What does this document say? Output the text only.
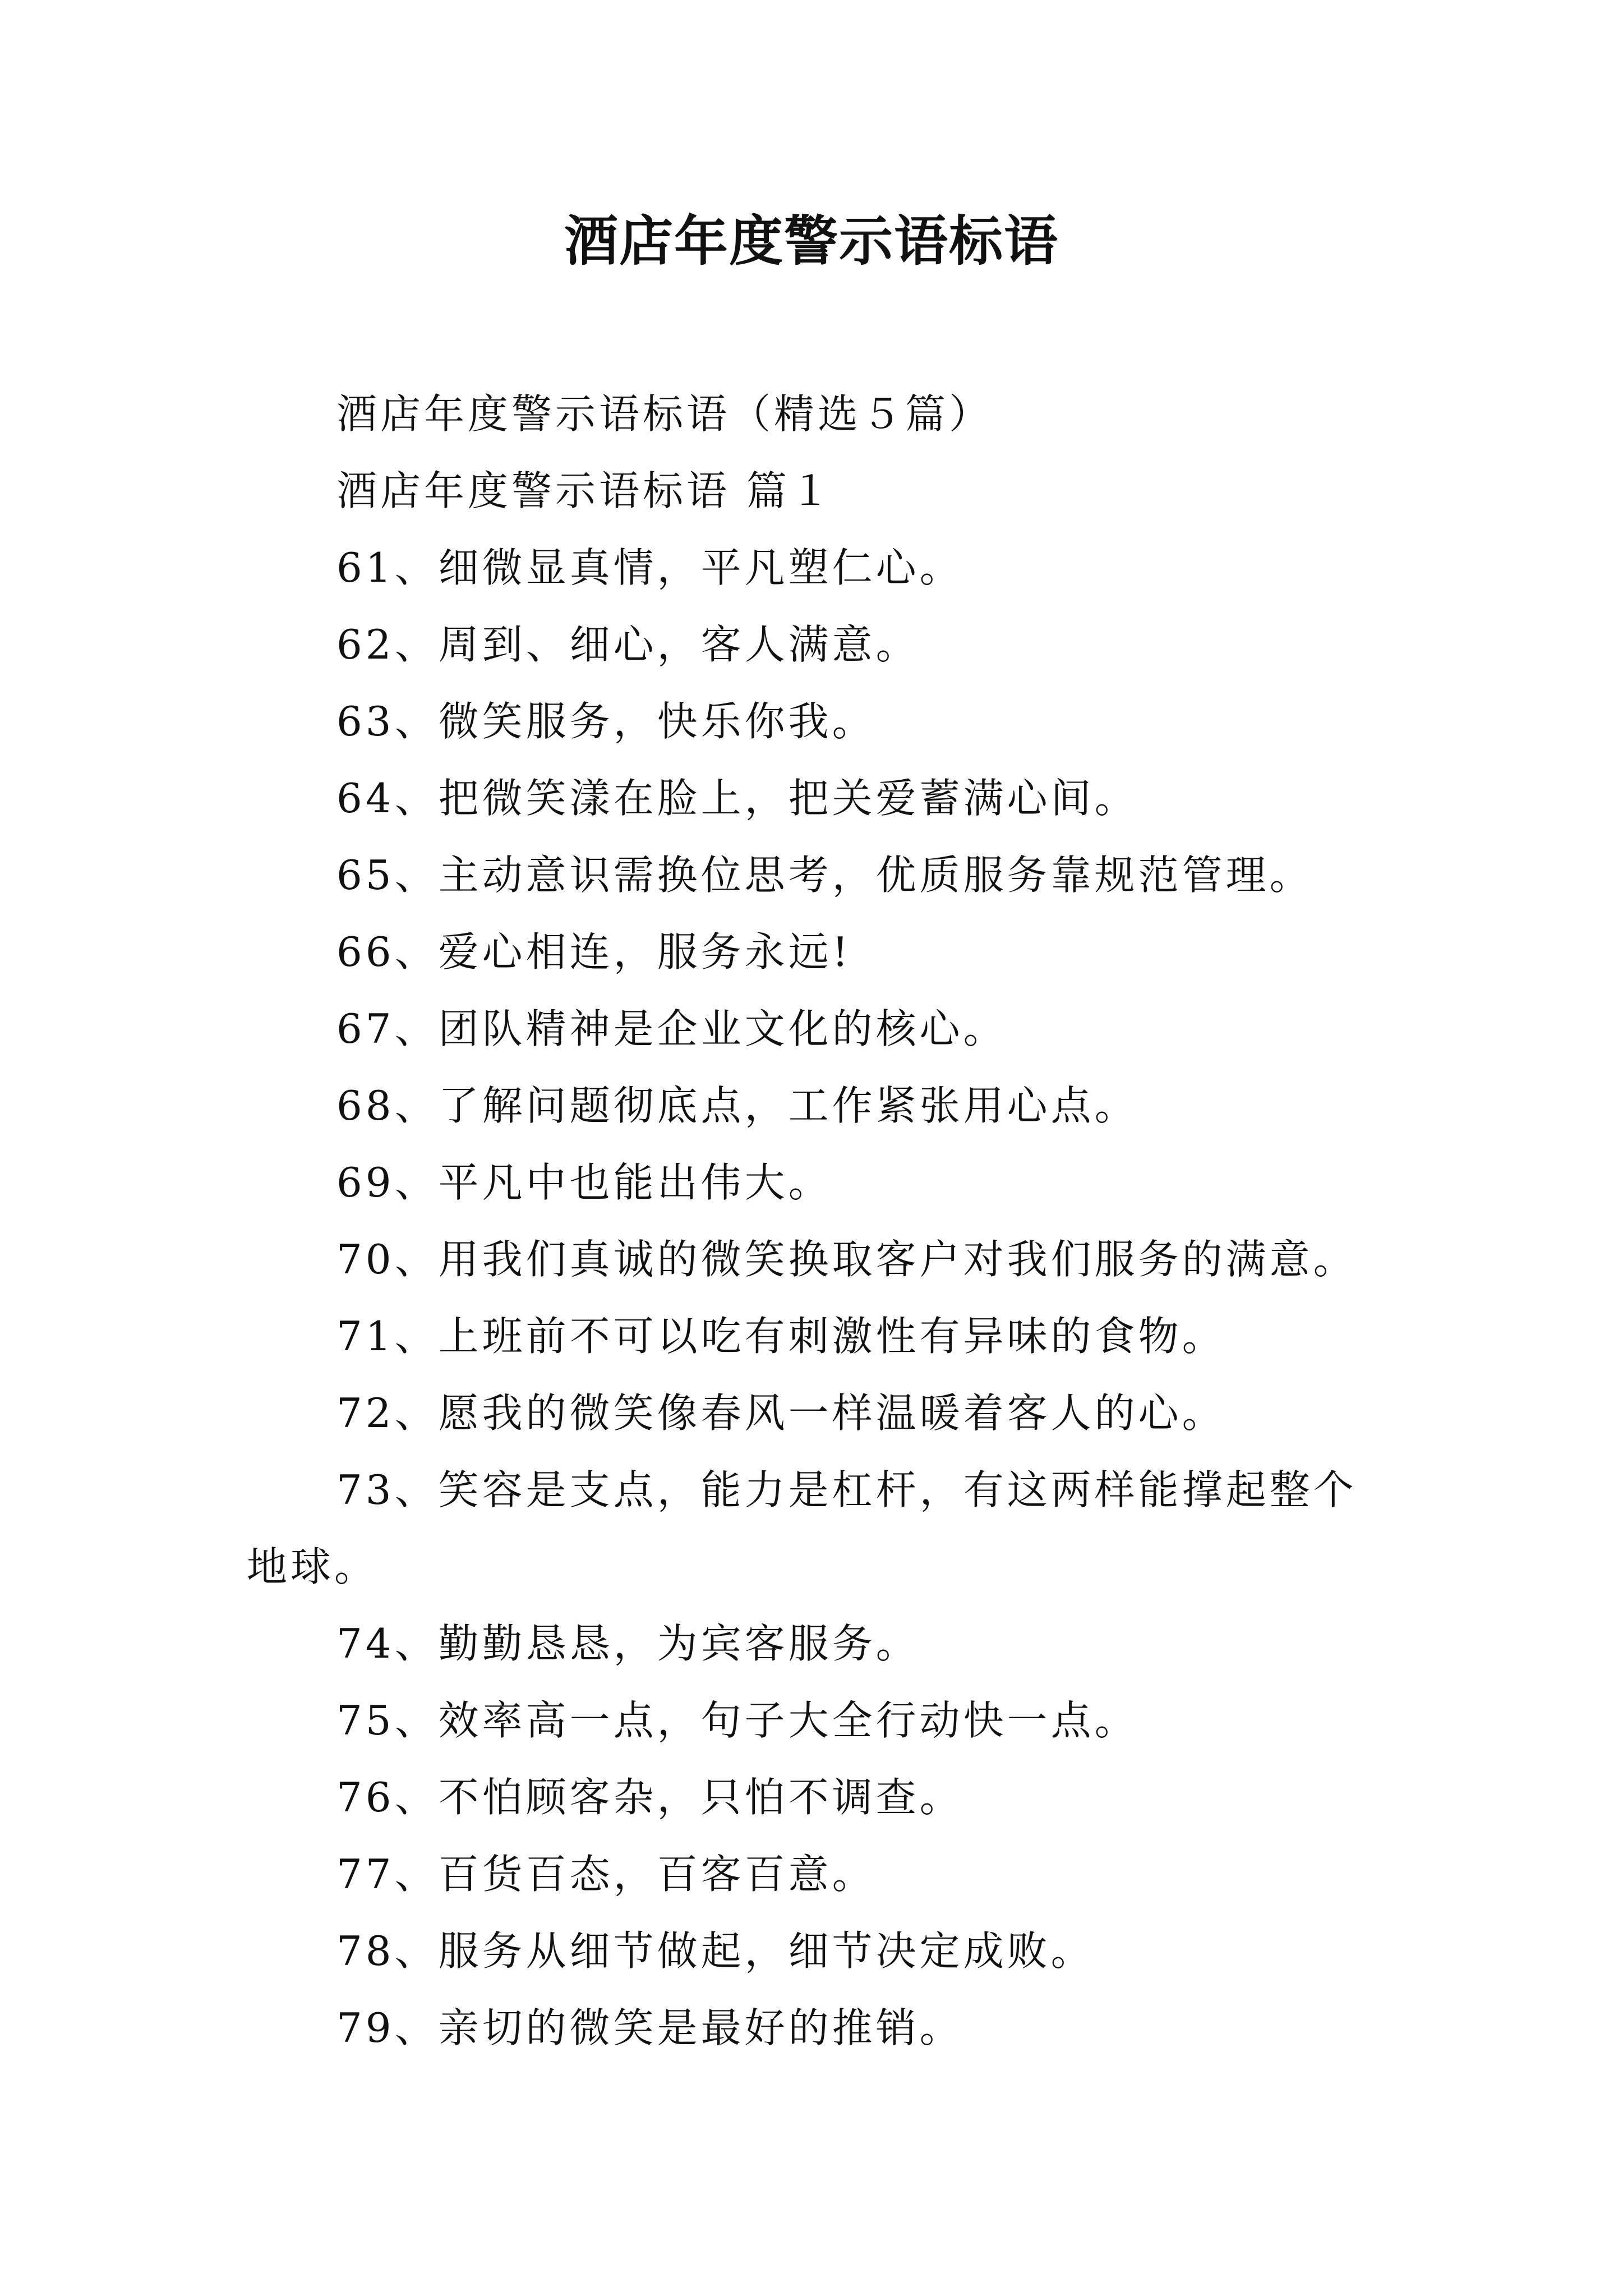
酒店年度警示语标语

酒店年度警示语标语（精选５篇）

酒店年度警示语标语 篇１

61、细微显真情，平凡塑仁心。

62、周到、细心，客人满意。

63、微笑服务，快乐你我。

64、把微笑漾在脸上，把关爱蓄满心间。

65、主动意识需换位思考，优质服务靠规范管理。

66、爱心相连，服务永远!

67、团队精神是企业文化的核心。

68、了解问题彻底点，工作紧张用心点。

69、平凡中也能出伟大。

70、用我们真诚的微笑换取客户对我们服务的满意。

71、上班前不可以吃有刺激性有异味的食物。

72、愿我的微笑像春风一样温暖着客人的心。

73、笑容是支点，能力是杠杆，有这两样能撑起整个地球。

74、勤勤恳恳，为宾客服务。

75、效率高一点，句子大全行动快一点。

76、不怕顾客杂，只怕不调查。

77、百货百态，百客百意。

78、服务从细节做起，细节决定成败。

79、亲切的微笑是最好的推销。
